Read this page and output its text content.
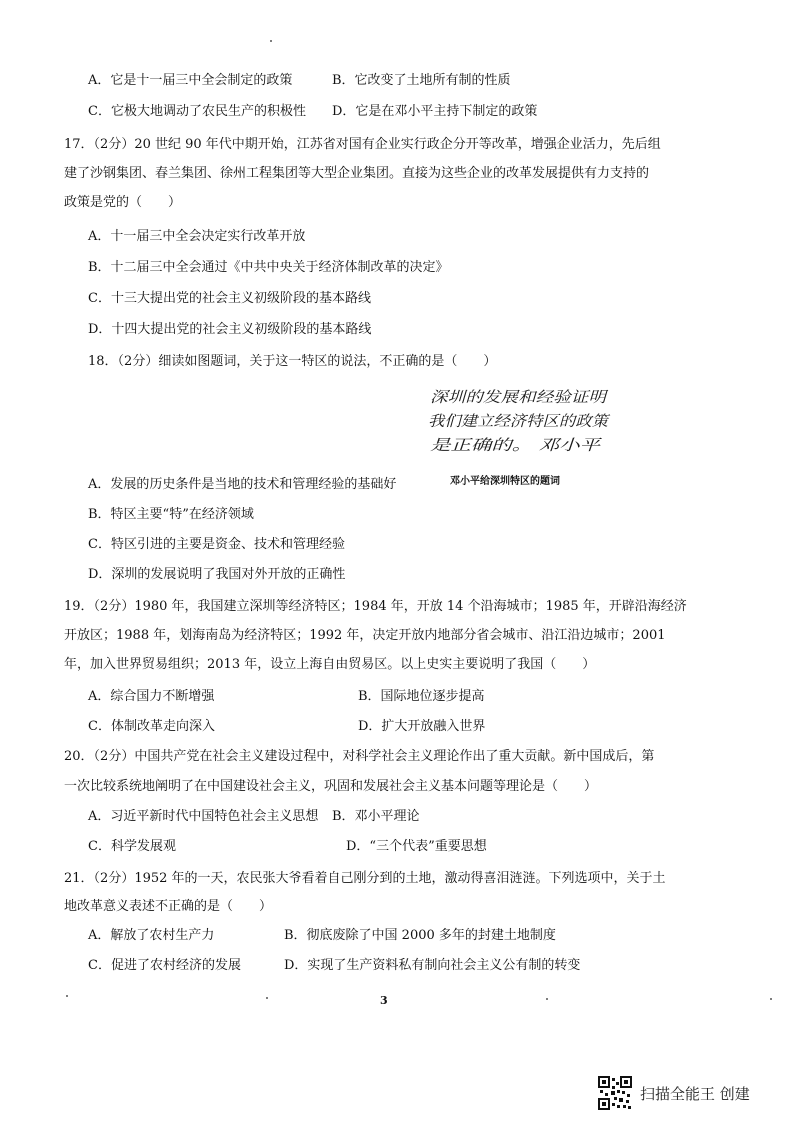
A．它是十一届三中全会制定的政策	B．它改变了土地所有制的性质
C．它极大地调动了农民生产的积极性 D．它是在邓小平主持下制定的政策
17．（2分）20 世纪 90 年代中期开始，江苏省对国有企业实行政企分开等改革，增强企业活力，先后组
建了沙钢集团、春兰集团、徐州工程集团等大型企业集团。直接为这些企业的改革发展提供有力支持的
政策是党的（　　）
A．十一届三中全会决定实行改革开放
B．十二届三中全会通过《中共中央关于经济体制改革的决定》
C．十三大提出党的社会主义初级阶段的基本路线
D．十四大提出党的社会主义初级阶段的基本路线
18．（2分）细读如图题词，关于这一特区的说法，不正确的是（　　）
深圳的发展和经验证明
我们建立经济特区的政策
是正确的。 邓小平
邓小平给深圳特区的题词
A．发展的历史条件是当地的技术和管理经验的基础好
B．特区主要“特”在经济领域
C．特区引进的主要是资金、技术和管理经验
D．深圳的发展说明了我国对外开放的正确性
19．（2分）1980 年，我国建立深圳等经济特区；1984 年，开放 14 个沿海城市；1985 年，开辟沿海经济
开放区；1988 年，划海南岛为经济特区；1992 年，决定开放内地部分省会城市、沿江沿边城市；2001
年，加入世界贸易组织；2013 年，设立上海自由贸易区。以上史实主要说明了我国（　　）
A．综合国力不断增强	B．国际地位逐步提高
C．体制改革走向深入	D．扩大开放融入世界
20．（2分）中国共产党在社会主义建设过程中，对科学社会主义理论作出了重大贡献。新中国成后，第
一次比较系统地阐明了在中国建设社会主义，巩固和发展社会主义基本问题等理论是（　　）
A．习近平新时代中国特色社会主义思想 B．邓小平理论
C．科学发展观	D．“三个代表”重要思想
21．（2分）1952 年的一天，农民张大爷看着自己刚分到的土地，激动得喜泪涟涟。下列选项中，关于土
地改革意义表述不正确的是（　　）
A．解放了农村生产力	B．彻底废除了中国 2000 多年的封建土地制度
C．促进了农村经济的发展	D．实现了生产资料私有制向社会主义公有制的转变
3
扫描全能王 创建
